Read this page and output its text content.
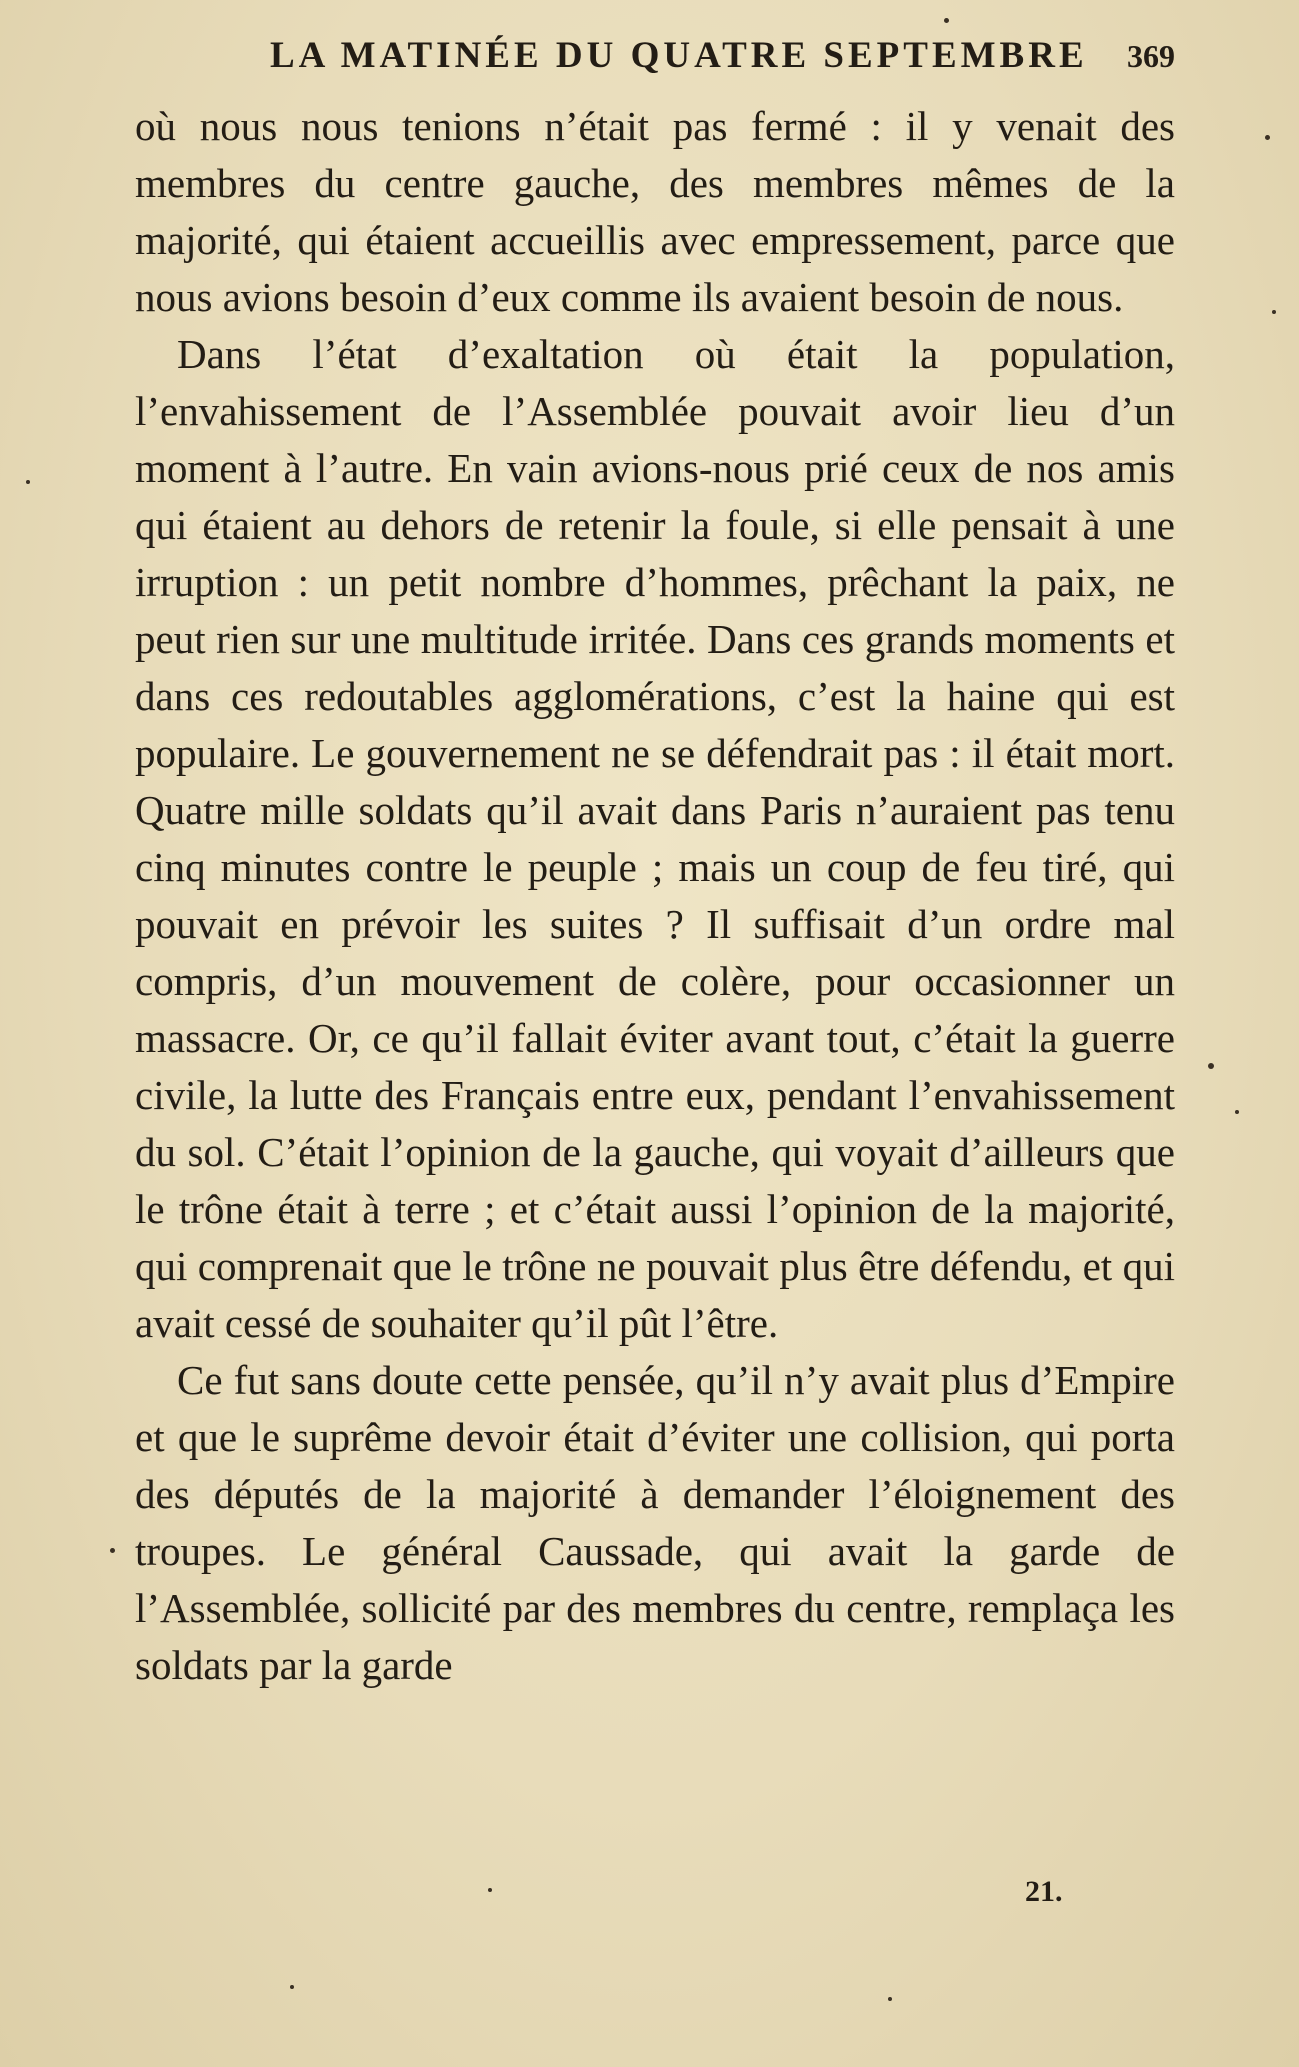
LA MATINÉE DU QUATRE SEPTEMBRE 369

où nous nous tenions n’était pas fermé : il y venait des membres du centre gauche, des membres mêmes de la majorité, qui étaient accueillis avec empressement, parce que nous avions besoin d’eux comme ils avaient besoin de nous.

Dans l’état d’exaltation où était la population, l’envahissement de l’Assemblée pouvait avoir lieu d’un moment à l’autre. En vain avions-nous prié ceux de nos amis qui étaient au dehors de retenir la foule, si elle pensait à une irruption : un petit nombre d’hommes, prêchant la paix, ne peut rien sur une multitude irritée. Dans ces grands moments et dans ces redoutables agglomérations, c’est la haine qui est populaire. Le gouvernement ne se défendrait pas : il était mort. Quatre mille soldats qu’il avait dans Paris n’auraient pas tenu cinq minutes contre le peuple ; mais un coup de feu tiré, qui pouvait en prévoir les suites ? Il suffisait d’un ordre mal compris, d’un mouvement de colère, pour occasionner un massacre. Or, ce qu’il fallait éviter avant tout, c’était la guerre civile, la lutte des Français entre eux, pendant l’envahissement du sol. C’était l’opinion de la gauche, qui voyait d’ailleurs que le trône était à terre ; et c’était aussi l’opinion de la majorité, qui comprenait que le trône ne pouvait plus être défendu, et qui avait cessé de souhaiter qu’il pût l’être.

Ce fut sans doute cette pensée, qu’il n’y avait plus d’Empire et que le suprême devoir était d’éviter une collision, qui porta des députés de la majorité à demander l’éloignement des troupes. Le général Caussade, qui avait la garde de l’Assemblée, sollicité par des membres du centre, remplaça les soldats par la garde

21.
